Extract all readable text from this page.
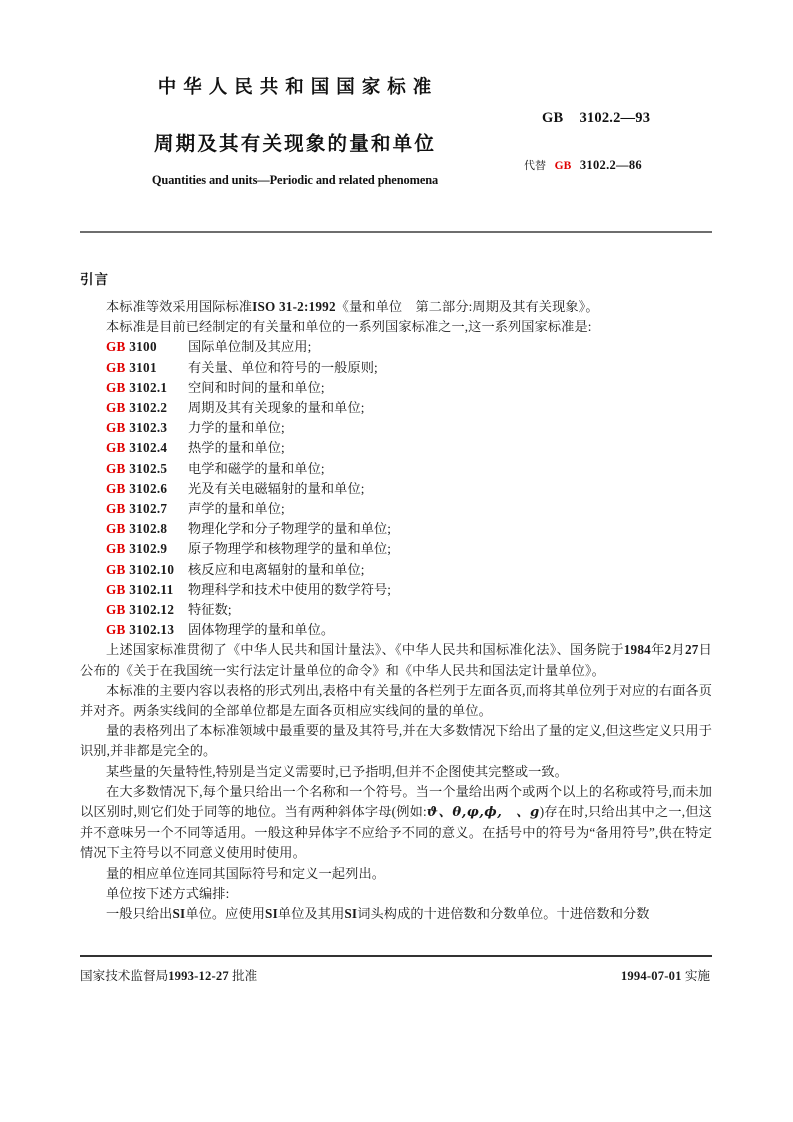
中华人民共和国国家标准
周期及其有关现象的量和单位
Quantities and units—Periodic and related phenomena
GB 3102.2—93
代替 GB 3102.2—86
引言

本标准等效采用国际标准ISO 31-2:1992《量和单位　第二部分:周期及其有关现象》。

本标准是目前已经制定的有关量和单位的一系列国家标准之一,这一系列国家标准是:

GB 3100 国际单位制及其应用;
GB 3101 有关量、单位和符号的一般原则;
GB 3102.1 空间和时间的量和单位;
GB 3102.2 周期及其有关现象的量和单位;
GB 3102.3 力学的量和单位;
GB 3102.4 热学的量和单位;
GB 3102.5 电学和磁学的量和单位;
GB 3102.6 光及有关电磁辐射的量和单位;
GB 3102.7 声学的量和单位;
GB 3102.8 物理化学和分子物理学的量和单位;
GB 3102.9 原子物理学和核物理学的量和单位;
GB 3102.10 核反应和电离辐射的量和单位;
GB 3102.11 物理科学和技术中使用的数学符号;
GB 3102.12 特征数;
GB 3102.13 固体物理学的量和单位。

上述国家标准贯彻了《中华人民共和国计量法》、《中华人民共和国标准化法》、国务院于1984年2月27日公布的《关于在我国统一实行法定计量单位的命令》和《中华人民共和国法定计量单位》。

本标准的主要内容以表格的形式列出,表格中有关量的各栏列于左面各页,而将其单位列于对应的右面各页并对齐。两条实线间的全部单位都是左面各页相应实线间的量的单位。

量的表格列出了本标准领域中最重要的量及其符号,并在大多数情况下给出了量的定义,但这些定义只用于识别,并非都是完全的。

某些量的矢量特性,特别是当定义需要时,已予指明,但并不企图使其完整或一致。

在大多数情况下,每个量只给出一个名称和一个符号。当一个量给出两个或两个以上的名称或符号,而未加以区别时,则它们处于同等的地位。当有两种斜体字母(例如:ϑ、θ,φ,ϕ,　、g)存在时,只给出其中之一,但这并不意味另一个不同等适用。一般这种异体字不应给予不同的意义。在括号中的符号为“备用符号”,供在特定情况下主符号以不同意义使用时使用。

量的相应单位连同其国际符号和定义一起列出。

单位按下述方式编排:

一般只给出SI单位。应使用SI单位及其用SI词头构成的十进倍数和分数单位。十进倍数和分数

国家技术监督局1993-12-27 批准	1994-07-01 实施
